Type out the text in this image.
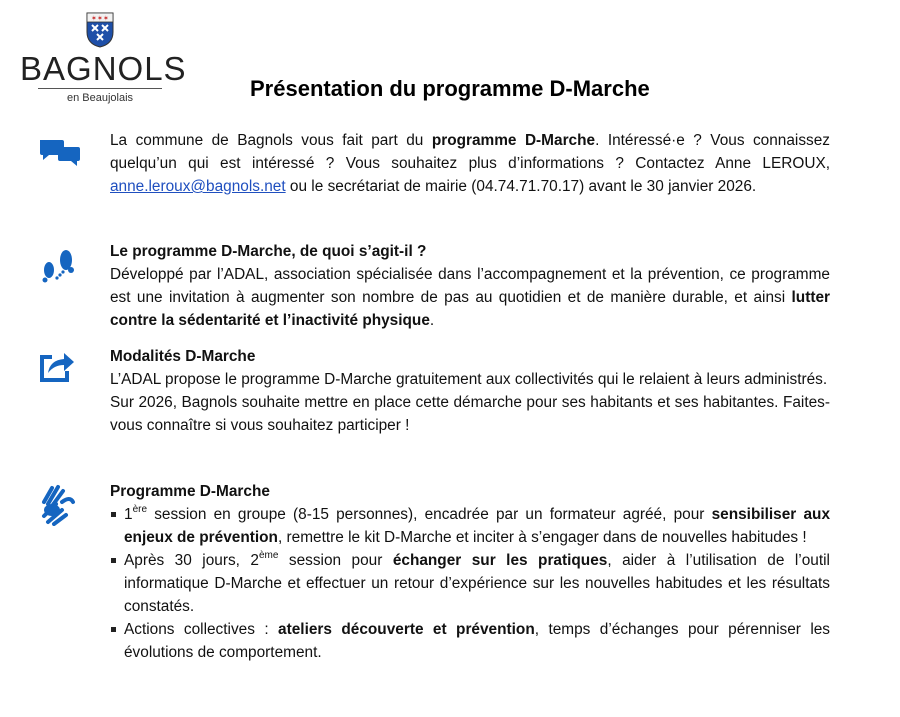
✶ ✶ ✶
BAGNOLS
en Beaujolais	Présentation du programme D-Marche

La commune de Bagnols vous fait part du programme D-Marche. Intéressé·e ? Vous connaissez quelqu’un qui est intéressé ? Vous souhaitez plus d’informations ? Contactez Anne LEROUX, anne.leroux@bagnols.net ou le secrétariat de mairie (04.74.71.70.17) avant le 30 janvier 2026.

Le programme D-Marche, de quoi s’agit-il ?

Développé par l’ADAL, association spécialisée dans l’accompagnement et la prévention, ce programme est une invitation à augmenter son nombre de pas au quotidien et de manière durable, et ainsi lutter contre la sédentarité et l’inactivité physique.

Modalités D-Marche

L’ADAL propose le programme D-Marche gratuitement aux collectivités qui le relaient à leurs administrés.

Sur 2026, Bagnols souhaite mettre en place cette démarche pour ses habitants et ses habitantes. Faites-vous connaître si vous souhaitez participer !

Programme D-Marche
1ère session en groupe (8-15 personnes), encadrée par un formateur agréé, pour sensibiliser aux enjeux de prévention, remettre le kit D-Marche et inciter à s’engager dans de nouvelles habitudes !
Après 30 jours, 2ème session pour échanger sur les pratiques, aider à l’utilisation de l’outil informatique D-Marche et effectuer un retour d’expérience sur les nouvelles habitudes et les résultats constatés.
Actions collectives : ateliers découverte et prévention, temps d’échanges pour pérenniser les évolutions de comportement.
